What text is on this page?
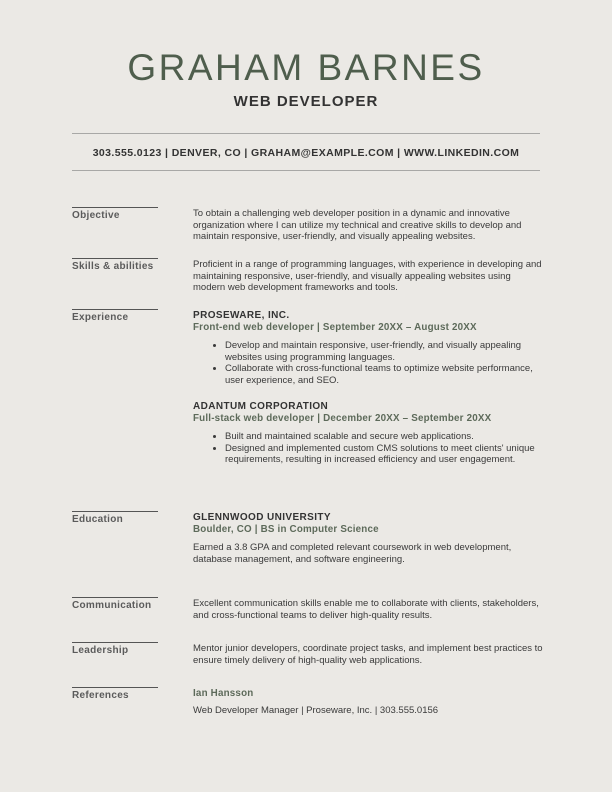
GRAHAM BARNES
WEB DEVELOPER
303.555.0123 | DENVER, CO | GRAHAM@EXAMPLE.COM | WWW.LINKEDIN.COM
Objective	To obtain a challenging web developer position in a dynamic and innovative organization where I can utilize my technical and creative skills to develop and maintain responsive, user-friendly, and visually appealing websites.

Skills & abilities	Proficient in a range of programming languages, with experience in developing and maintaining responsive, user-friendly, and visually appealing websites using modern web development frameworks and tools.

Experience	PROSEWARE, INC.

Front-end web developer | September 20XX – August 20XX

• Develop and maintain responsive, user-friendly, and visually appealing websites using programming languages.
• Collaborate with cross-functional teams to optimize website performance, user experience, and SEO.

ADANTUM CORPORATION

Full-stack web developer | December 20XX – September 20XX

• Built and maintained scalable and secure web applications.
• Designed and implemented custom CMS solutions to meet clients' unique requirements, resulting in increased efficiency and user engagement.
Education	GLENNWOOD UNIVERSITY

Boulder, CO | BS in Computer Science

Earned a 3.8 GPA and completed relevant coursework in web development, database management, and software engineering.

Communication	Excellent communication skills enable me to collaborate with clients, stakeholders, and cross-functional teams to deliver high-quality results.

Leadership	Mentor junior developers, coordinate project tasks, and implement best practices to ensure timely delivery of high-quality web applications.

References	Ian Hansson

Web Developer Manager | Proseware, Inc. | 303.555.0156
